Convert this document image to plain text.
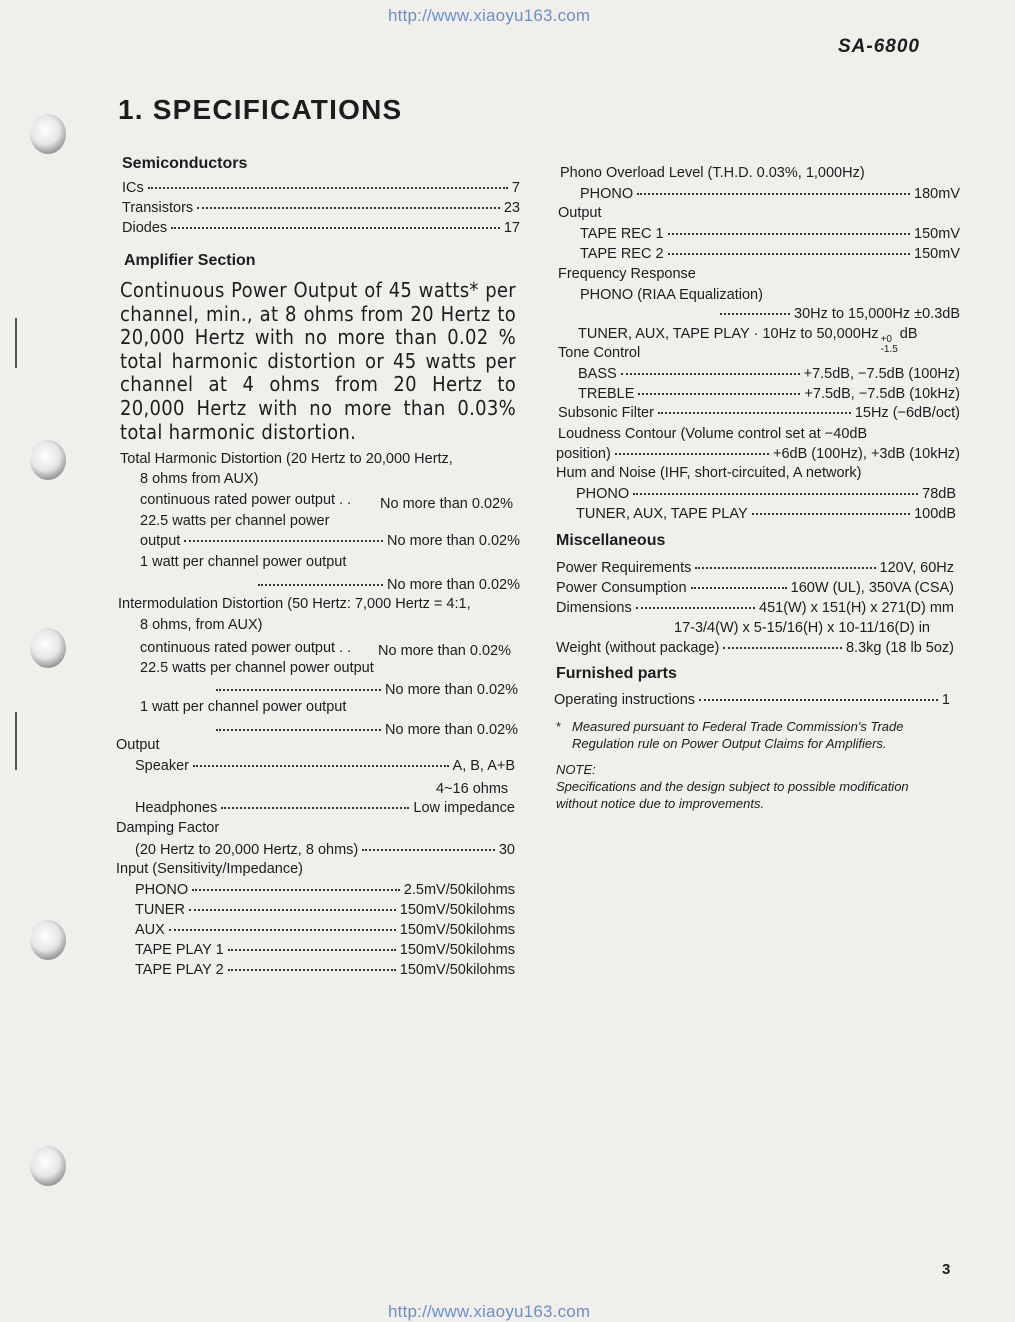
http://www.xiaoyu163.com
SA-6800
1. SPECIFICATIONS
Semiconductors
ICs	7
Transistors	23
Diodes	17
Amplifier Section
Continuous Power Output of 45 watts* per channel, min., at 8 ohms from 20 Hertz to 20,000 Hertz with no more than 0.02 % total harmonic distortion or 45 watts per channel at 4 ohms from 20 Hertz to 20,000 Hertz with no more than 0.03% total harmonic distortion.
Total Harmonic Distortion (20 Hertz to 20,000 Hertz,
8 ohms from AUX)
continuous rated power output . . No more than 0.02%
22.5 watts per channel power
output	No more than 0.02%
1 watt per channel power output
No more than 0.02%
Intermodulation Distortion (50 Hertz: 7,000 Hertz = 4:1,
8 ohms, from AUX)
continuous rated power output . . No more than 0.02%
22.5 watts per channel power output
No more than 0.02%
1 watt per channel power output
No more than 0.02%
Output
Speaker	A, B, A+B
4~16 ohms
Headphones	Low impedance
Damping Factor
(20 Hertz to 20,000 Hertz, 8 ohms)	30
Input (Sensitivity/Impedance)
PHONO	2.5mV/50kilohms
TUNER	150mV/50kilohms
AUX	150mV/50kilohms
TAPE PLAY 1	150mV/50kilohms
TAPE PLAY 2	150mV/50kilohms
Phono Overload Level (T.H.D. 0.03%, 1,000Hz)
PHONO	180mV
Output
TAPE REC 1	150mV
TAPE REC 2	150mV
Frequency Response
PHONO (RIAA Equalization)
30Hz to 15,000Hz ±0.3dB
TUNER, AUX, TAPE PLAY · 10Hz to 50,000Hz +0
-1.5
dB
Tone Control
BASS	+7.5dB, −7.5dB (100Hz)
TREBLE	+7.5dB, −7.5dB (10kHz)
Subsonic Filter	15Hz (−6dB/oct)
Loudness Contour (Volume control set at −40dB
position)	+6dB (100Hz), +3dB (10kHz)
Hum and Noise (IHF, short-circuited, A network)
PHONO	78dB
TUNER, AUX, TAPE PLAY	100dB
Miscellaneous
Power Requirements	120V, 60Hz
Power Consumption	160W (UL), 350VA (CSA)
Dimensions	451(W) x 151(H) x 271(D) mm
17-3/4(W) x 5-15/16(H) x 10-11/16(D) in
Weight (without package)	8.3kg (18 lb 5oz)
Furnished parts
Operating instructions	1
* Measured pursuant to Federal Trade Commission's Trade Regulation rule on Power Output Claims for Amplifiers.
NOTE:
Specifications and the design subject to possible modification without notice due to improvements.
3
http://www.xiaoyu163.com
